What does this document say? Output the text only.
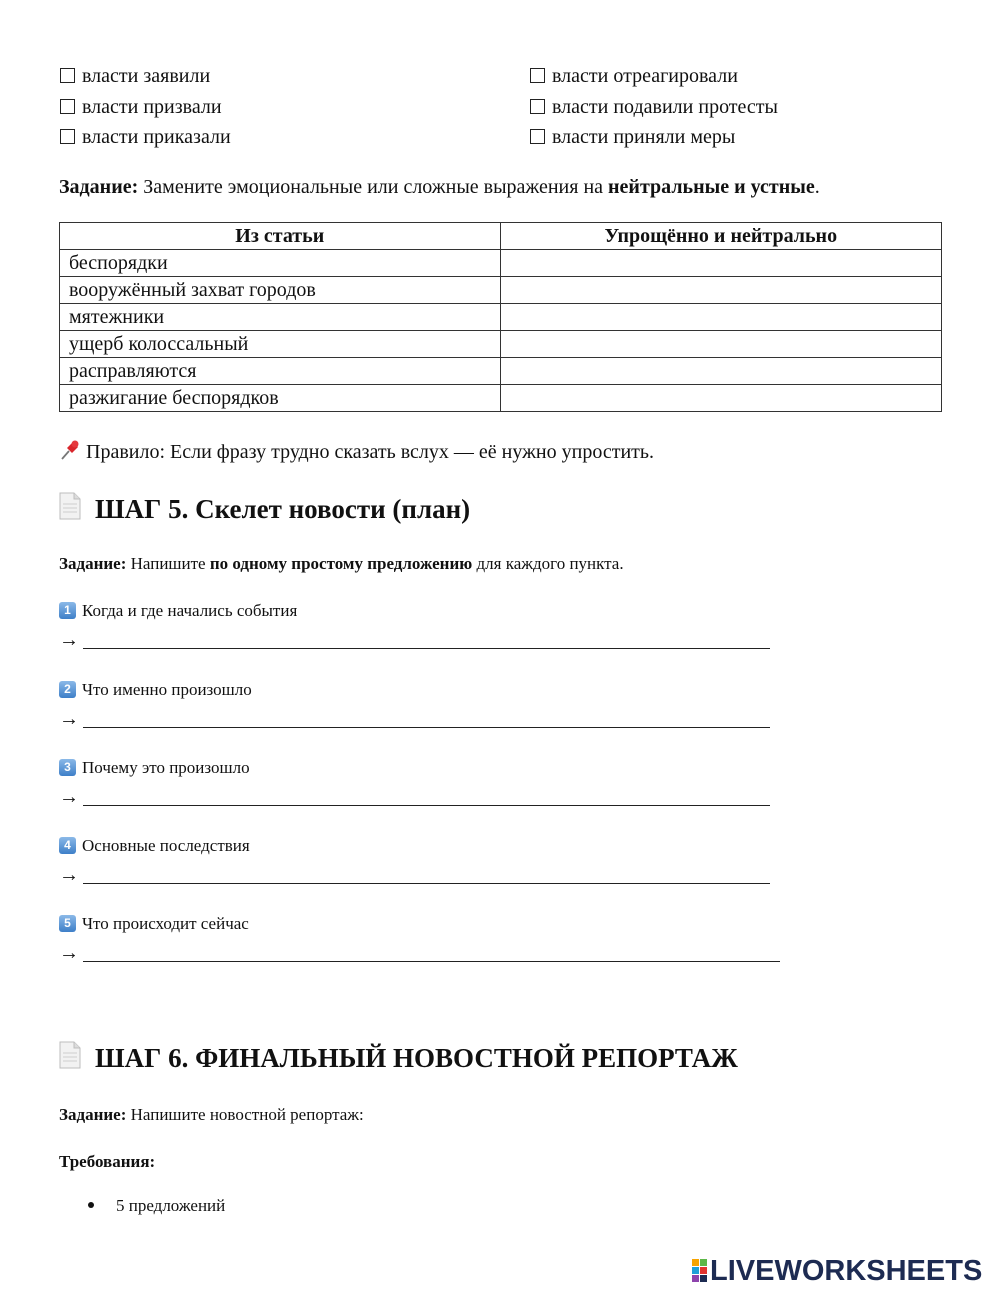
власти заявили
власти призвали
власти приказали
власти отреагировали
власти подавили протесты
власти приняли меры
Задание: Замените эмоциональные или сложные выражения на нейтральные и устные.
Из статьи	Упрощённо и нейтрально
беспорядки	
вооружённый захват городов	
мятежники	
ущерб колоссальный	
расправляются	
разжигание беспорядков	
Правило: Если фразу трудно сказать вслух — её нужно упростить.
ШАГ 5. Скелет новости (план)
Задание: Напишите по одному простому предложению для каждого пункта.
1 Когда и где начались события
→
2 Что именно произошло
→
3 Почему это произошло
→
4 Основные последствия
→
5 Что происходит сейчас
→
ШАГ 6. ФИНАЛЬНЫЙ НОВОСТНОЙ РЕПОРТАЖ
Задание: Напишите новостной репортаж:
Требования:
5 предложений
LIVEWORKSHEETS
